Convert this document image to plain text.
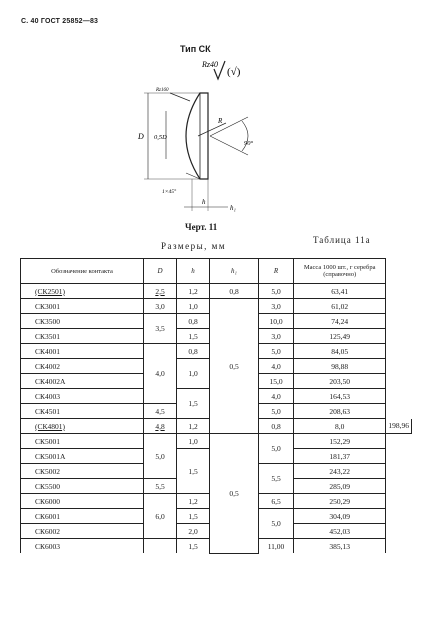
С. 40 ГОСТ 25852—83
Тип СК
Rz40
(√)
Rz160
D 0,5D
R
90°
1×45°
h
h₁
Черт. 11
Таблица 11а
Размеры, мм
Обозначение контакта	D	h	h₁	R	Масса 1000 шт., г серебра (справочно)	
(СК2501)	2,5	1,2	0,8	5,0	63,41	
СК3001	3,0	1,0	0,5	3,0	61,02	
СК3500	3,5	0,8		10,0	74,24	
СК3501		1,5		3,0	125,49	
СК4001	4,0	0,8		5,0	84,05	
СК4002		1,0		4,0	98,88	
СК4002А				15,0	203,50	
СК4003		1,5		4,0	164,53	
СК4501	4,5			5,0	208,63	
(СК4801)	4,8	1,2		0,8	8,0	198,96
СК5001	5,0	1,0	0,5	5,0	152,29	
СК5001А		1,5			181,37	
СК5002				5,5	243,22	
СК5500	5,5				285,09	
СК6000	6,0	1,2		6,5	250,29	
СК6001		1,5		5,0	304,09	
СК6002		2,0			452,03	
СК6003		1,5		11,00	385,13	
